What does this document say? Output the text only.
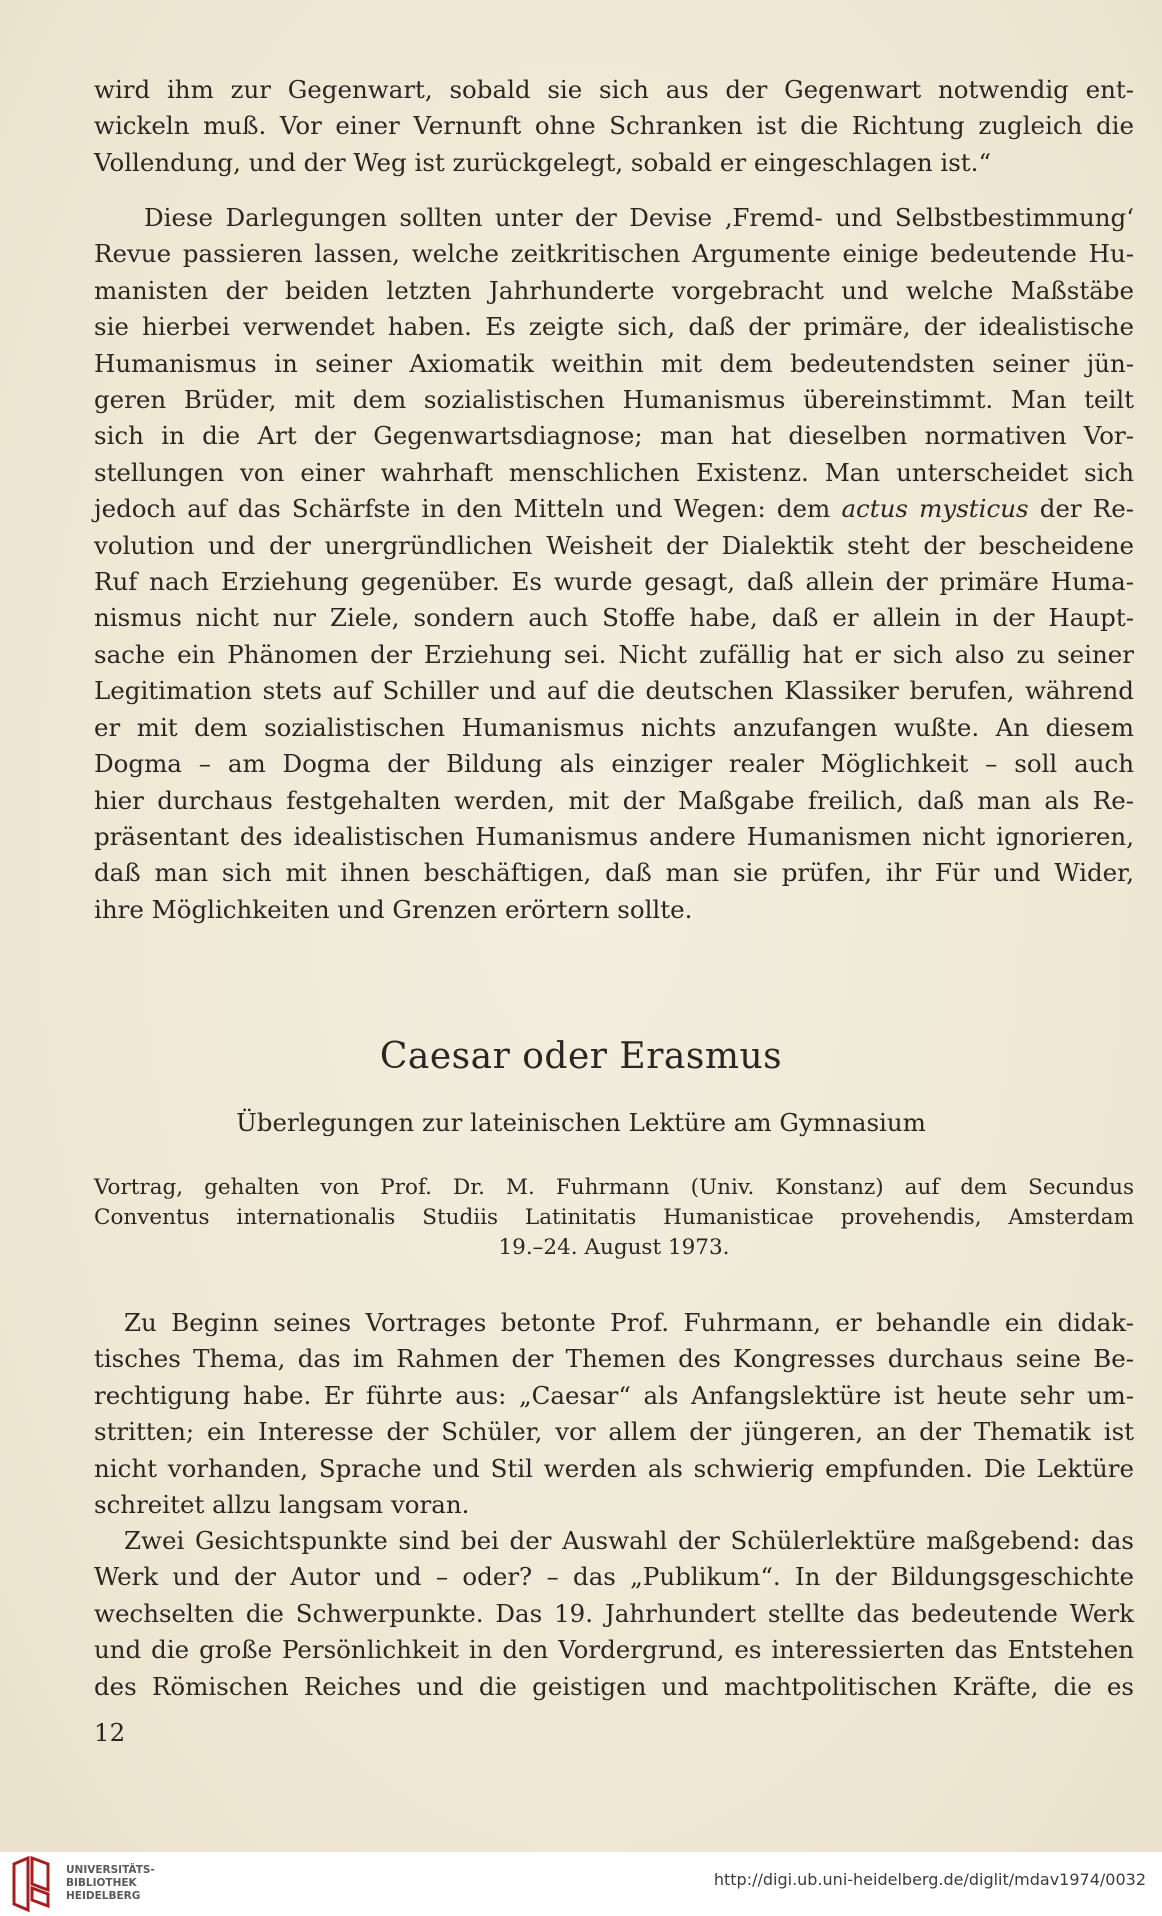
wird ihm zur Gegenwart, sobald sie sich aus der Gegenwart notwendig ent-
wickeln muß. Vor einer Vernunft ohne Schranken ist die Richtung zugleich die
Vollendung, und der Weg ist zurückgelegt, sobald er eingeschlagen ist.“
Diese Darlegungen sollten unter der Devise ‚Fremd- und Selbstbestimmung‘
Revue passieren lassen, welche zeitkritischen Argumente einige bedeutende Hu-
manisten der beiden letzten Jahrhunderte vorgebracht und welche Maßstäbe
sie hierbei verwendet haben. Es zeigte sich, daß der primäre, der idealistische
Humanismus in seiner Axiomatik weithin mit dem bedeutendsten seiner jün-
geren Brüder, mit dem sozialistischen Humanismus übereinstimmt. Man teilt
sich in die Art der Gegenwartsdiagnose; man hat dieselben normativen Vor-
stellungen von einer wahrhaft menschlichen Existenz. Man unterscheidet sich
jedoch auf das Schärfste in den Mitteln und Wegen: dem actus mysticus der Re-
volution und der unergründlichen Weisheit der Dialektik steht der bescheidene
Ruf nach Erziehung gegenüber. Es wurde gesagt, daß allein der primäre Huma-
nismus nicht nur Ziele, sondern auch Stoffe habe, daß er allein in der Haupt-
sache ein Phänomen der Erziehung sei. Nicht zufällig hat er sich also zu seiner
Legitimation stets auf Schiller und auf die deutschen Klassiker berufen, während
er mit dem sozialistischen Humanismus nichts anzufangen wußte. An diesem
Dogma – am Dogma der Bildung als einziger realer Möglichkeit – soll auch
hier durchaus festgehalten werden, mit der Maßgabe freilich, daß man als Re-
präsentant des idealistischen Humanismus andere Humanismen nicht ignorieren,
daß man sich mit ihnen beschäftigen, daß man sie prüfen, ihr Für und Wider,
ihre Möglichkeiten und Grenzen erörtern sollte.
Caesar oder Erasmus
Überlegungen zur lateinischen Lektüre am Gymnasium
Vortrag, gehalten von Prof. Dr. M. Fuhrmann (Univ. Konstanz) auf dem Secundus
Conventus internationalis Studiis Latinitatis Humanisticae provehendis, Amsterdam
19.–24. August 1973.
Zu Beginn seines Vortrages betonte Prof. Fuhrmann, er behandle ein didak-
tisches Thema, das im Rahmen der Themen des Kongresses durchaus seine Be-
rechtigung habe. Er führte aus: „Caesar“ als Anfangslektüre ist heute sehr um-
stritten; ein Interesse der Schüler, vor allem der jüngeren, an der Thematik ist
nicht vorhanden, Sprache und Stil werden als schwierig empfunden. Die Lektüre
schreitet allzu langsam voran.
Zwei Gesichtspunkte sind bei der Auswahl der Schülerlektüre maßgebend: das
Werk und der Autor und – oder? – das „Publikum“. In der Bildungsgeschichte
wechselten die Schwerpunkte. Das 19. Jahrhundert stellte das bedeutende Werk
und die große Persönlichkeit in den Vordergrund, es interessierten das Entstehen
des Römischen Reiches und die geistigen und machtpolitischen Kräfte, die es
12
UNIVERSITÄTS-
BIBLIOTHEK
HEIDELBERG
http://digi.ub.uni-heidelberg.de/diglit/mdav1974/0032
